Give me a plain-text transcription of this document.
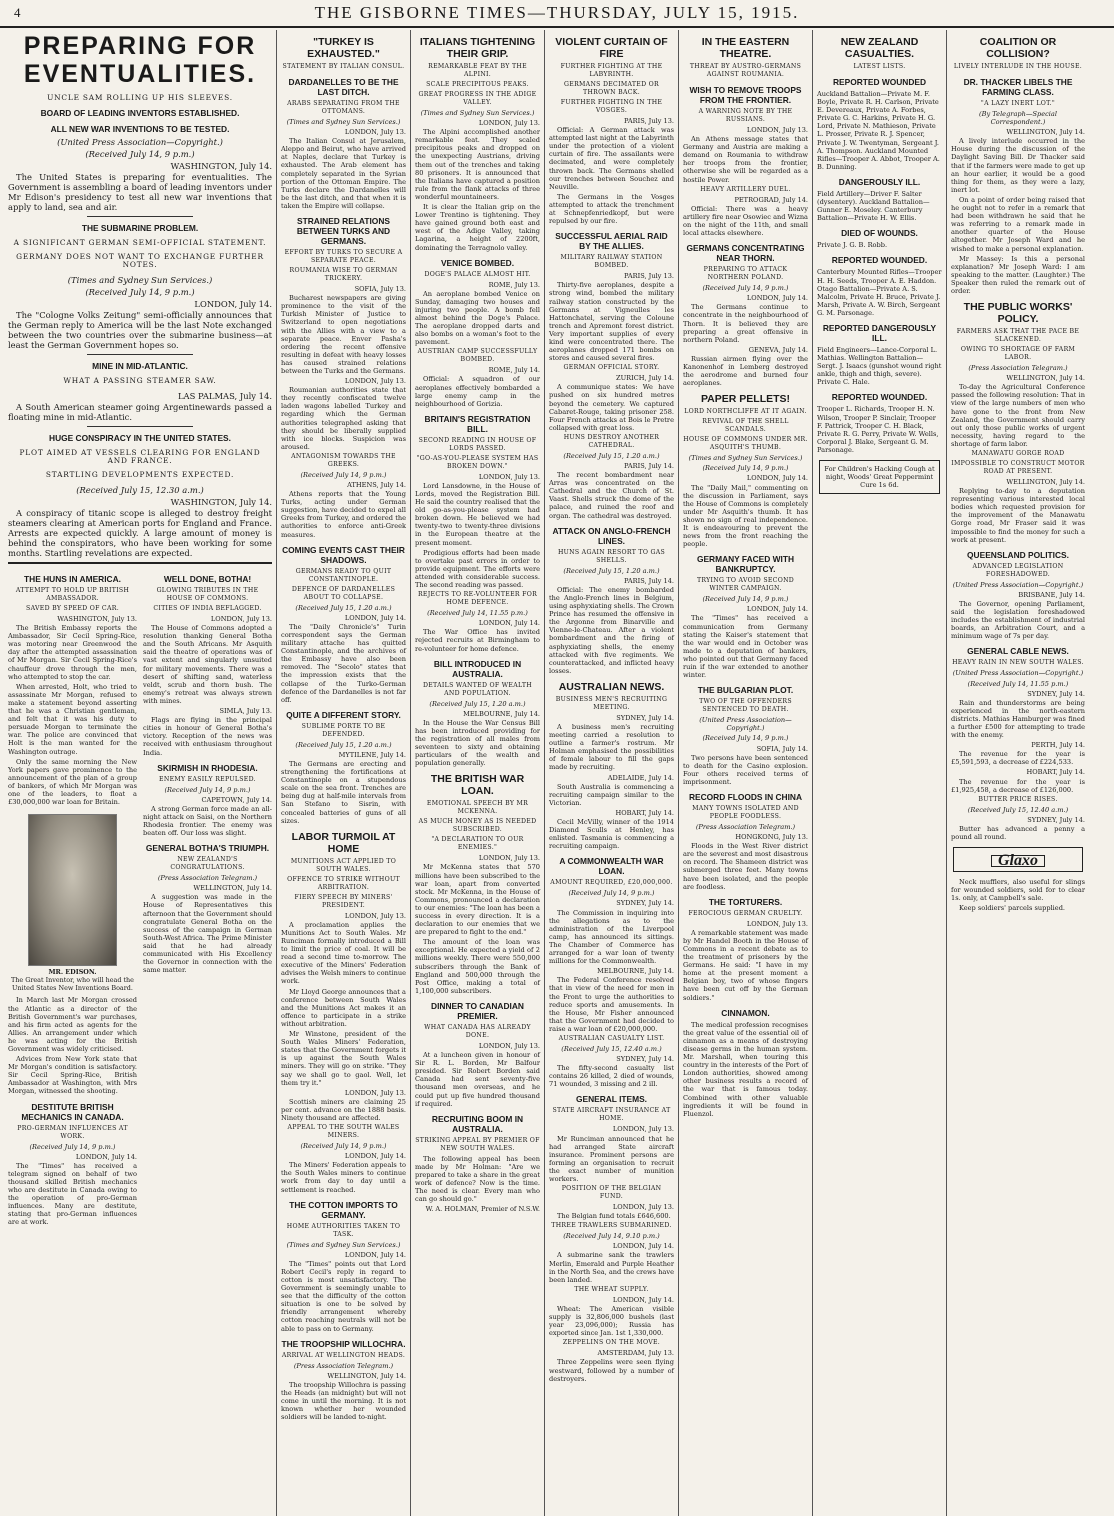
4	THE GISBORNE TIMES—THURSDAY, JULY 15, 1915.
PREPARING FOR EVENTUALITIES.
UNCLE SAM ROLLING UP HIS SLEEVES.
BOARD OF LEADING INVENTORS ESTABLISHED.
ALL NEW WAR INVENTIONS TO BE TESTED.
(United Press Association—Copyright.)
(Received July 14, 9 p.m.)
WASHINGTON, July 14.

The United States is preparing for eventualities. The Government is assembling a board of leading inventors under Mr Edison's presidency to test all new war inventions that apply to land, sea and air.

THE SUBMARINE PROBLEM.
A SIGNIFICANT GERMAN SEMI-OFFICIAL STATEMENT.
GERMANY DOES NOT WANT TO EXCHANGE FURTHER NOTES.
(Times and Sydney Sun Services.)
(Received July 14, 9 p.m.)
LONDON, July 14.

The "Cologne Volks Zeitung" semi-officially announces that the German reply to America will be the last Note exchanged between the two countries over the submarine business—at least the German Government hopes so.

MINE IN MID-ATLANTIC.
WHAT A PASSING STEAMER SAW.
LAS PALMAS, July 14.

A South American steamer going Argentinewards passed a floating mine in mid-Atlantic.

HUGE CONSPIRACY IN THE UNITED STATES.
PLOT AIMED AT VESSELS CLEARING FOR ENGLAND AND FRANCE.
STARTLING DEVELOPMENTS EXPECTED.
(Received July 15, 12.30 a.m.)
WASHINGTON, July 14.

A conspiracy of titanic scope is alleged to destroy freight steamers clearing at American ports for England and France. Arrests are expected quickly. A large amount of money is behind the conspirators, who have been working for some months. Startling revelations are expected.

THE HUNS IN AMERICA.
ATTEMPT TO HOLD UP BRITISH AMBASSADOR.
SAVED BY SPEED OF CAR.
WASHINGTON, July 13.

The British Embassy reports the Ambassador, Sir Cecil Spring-Rice, was motoring near Greenwood the day after the attempted assassination of Mr Morgan. Sir Cecil Spring-Rice's chauffeur drove through the men, who attempted to stop the car.

When arrested, Holt, who tried to assassinate Mr Morgan, refused to make a statement beyond asserting that he was a Christian gentleman, and felt that it was his duty to persuade Morgan to terminate the war. The police are convinced that Holt is the man wanted for the Washington outrage.

Only the same morning the New York papers gave prominence to the announcement of the plan of a group of bankers, of which Mr Morgan was one of the leaders, to float a £30,000,000 war loan for Britain.

MR. EDISON.
The Great Inventor, who will head the United States New Inventions Board.

In March last Mr Morgan crossed the Atlantic as a director of the British Government's war purchases, and his firm acted as agents for the Allies. An arrangement under which he was acting for the British Government was widely criticised.

Advices from New York state that Mr Morgan's condition is satisfactory. Sir Cecil Spring-Rice, British Ambassador at Washington, with Mrs Morgan, witnessed the shooting.

DESTITUTE BRITISH MECHANICS IN CANADA.
PRO-GERMAN INFLUENCES AT WORK.
(Received July 14, 9 p.m.)
LONDON, July 14.

The "Times" has received a telegram signed on behalf of two thousand skilled British mechanics who are destitute in Canada owing to the operation of pro-German influences. Many are destitute, stating that pro-German influences are at work.

WELL DONE, BOTHA!
GLOWING TRIBUTES IN THE HOUSE OF COMMONS.
CITIES OF INDIA BEFLAGGED.
LONDON, July 13.

The House of Commons adopted a resolution thanking General Botha and the South Africans. Mr Asquith said the theatre of operations was of vast extent and singularly unsuited for military movements. There was a desert of shifting sand, waterless veldt, scrub and thorn bush. The enemy's retreat was always strewn with mines.

SIMLA, July 13.

Flags are flying in the principal cities in honour of General Botha's victory. Reception of the news was received with enthusiasm throughout India.

SKIRMISH IN RHODESIA.
ENEMY EASILY REPULSED.
(Received July 14, 9 p.m.)
CAPETOWN, July 14.

A strong German force made an all-night attack on Saisi, on the Northern Rhodesia frontier. The enemy was beaten off. Our loss was slight.

GENERAL BOTHA'S TRIUMPH.
NEW ZEALAND'S CONGRATULATIONS.
(Press Association Telegram.)
WELLINGTON, July 14.

A suggestion was made in the House of Representatives this afternoon that the Government should congratulate General Botha on the success of the campaign in German South-West Africa. The Prime Minister said that he had already communicated with His Excellency the Governor in connection with the same matter.

"TURKEY IS EXHAUSTED."
STATEMENT BY ITALIAN CONSUL.
DARDANELLES TO BE THE LAST DITCH.
ARABS SEPARATING FROM THE OTTOMANS.
(Times and Sydney Sun Services.)
LONDON, July 13.

The Italian Consul at Jerusalem, Aleppo and Beirut, who have arrived at Naples, declare that Turkey is exhausted. The Arab element has completely separated in the Syrian portion of the Ottoman Empire. The Turks declare the Dardanelles will be the last ditch, and that when it is taken the Empire will collapse.

STRAINED RELATIONS BETWEEN TURKS AND GERMANS.
EFFORT BY TURKS TO SECURE A SEPARATE PEACE.
ROUMANIA WISE TO GERMAN TRICKERY.
SOFIA, July 13.

Bucharest newspapers are giving prominence to the visit of the Turkish Minister of Justice to Switzerland to open negotiations with the Allies with a view to a separate peace. Enver Pasha's ordering the recent offensive resulting in defeat with heavy losses has caused strained relations between the Turks and the Germans.

LONDON, July 13.

Roumanian authorities state that they recently confiscated twelve laden wagons labelled Turkey and regarding which the German authorities telegraphed asking that they should be liberally supplied with ice blocks. Suspicion was aroused.

ANTAGONISM TOWARDS THE GREEKS.
(Received July 14, 9 p.m.)
ATHENS, July 14.

Athens reports that the Young Turks, acting under German suggestion, have decided to expel all Greeks from Turkey, and ordered the authorities to enforce anti-Greek measures.

COMING EVENTS CAST THEIR SHADOWS.
GERMANS READY TO QUIT CONSTANTINOPLE.
DEFENCE OF DARDANELLES ABOUT TO COLLAPSE.
(Received July 15, 1.20 a.m.)
LONDON, July 14.

The "Daily Chronicle's" Turin correspondent says the German military attache has quitted Constantinople, and the archives of the Embassy have also been removed. The "Secolo" states that the impression exists that the collapse of the Turko-German defence of the Dardanelles is not far off.

QUITE A DIFFERENT STORY.
SUBLIME PORTE TO BE DEFENDED.
(Received July 15, 1.20 a.m.)
MYTILENE, July 14.

The Germans are erecting and strengthening the fortifications at Constantinople on a stupendous scale on the sea front. Trenches are being dug at half-mile intervals from San Stefano to Sisrin, with concealed batteries of guns of all sizes.

LABOR TURMOIL AT HOME
MUNITIONS ACT APPLIED TO SOUTH WALES.
OFFENCE TO STRIKE WITHOUT ARBITRATION.
FIERY SPEECH BY MINERS' PRESIDENT.
LONDON, July 13.

A proclamation applies the Munitions Act to South Wales. Mr Runciman formally introduced a Bill to limit the price of coal. It will be read a second time to-morrow. The executive of the Miners' Federation advises the Welsh miners to continue work.

Mr Lloyd George announces that a conference between South Wales and the Munitions Act makes it an offence to participate in a strike without arbitration.

Mr Winstone, president of the South Wales Miners' Federation, states that the Government forgets it is up against the South Wales miners. They will go on strike. "They say we shall go to gaol. Well, let them try it."

LONDON, July 13.

Scottish miners are claiming 25 per cent. advance on the 1888 basis. Ninety thousand are affected.

APPEAL TO THE SOUTH WALES MINERS.
(Received July 14, 9 p.m.)
LONDON, July 14.

The Miners' Federation appeals to the South Wales miners to continue work from day to day until a settlement is reached.

THE COTTON IMPORTS TO GERMANY.
HOME AUTHORITIES TAKEN TO TASK.
(Times and Sydney Sun Services.)
LONDON, July 14.

The "Times" points out that Lord Robert Cecil's reply in regard to cotton is most unsatisfactory. The Government is seemingly unable to see that the difficulty of the cotton situation is one to be solved by friendly arrangement whereby cotton reaching neutrals will not be able to pass on to Germany.

THE TROOPSHIP WILLOCHRA.
ARRIVAL AT WELLINGTON HEADS.
(Press Association Telegram.)
WELLINGTON, July 14.

The troopship Willochra is passing the Heads (an midnight) but will not come in until the morning. It is not known whether her wounded soldiers will be landed to-night.

ITALIANS TIGHTENING THEIR GRIP.
REMARKABLE FEAT BY THE ALPINI.
SCALE PRECIPITOUS PEAKS.
GREAT PROGRESS IN THE ADIGE VALLEY.
(Times and Sydney Sun Services.)
LONDON, July 13.

The Alpini accomplished another remarkable feat. They scaled precipitous peaks and dropped on the unexpecting Austrians, driving them out of the trenches and taking 80 prisoners. It is announced that the Italians have captured a position rule from the flank attacks of three wonderful mountaineers.

It is clear the Italian grip on the Lower Trentino is tightening. They have gained ground both east and west of the Adige Valley, taking Lagarina, a height of 2200ft, dominating the Terragnolo valley.

VENICE BOMBED.
DOGE'S PALACE ALMOST HIT.
ROME, July 13.

An aeroplane bombed Venice on Sunday, damaging two houses and injuring two people. A bomb fell almost behind the Doge's Palace. The aeroplane dropped darts and also bombs on a woman's foot to the pavement.

AUSTRIAN CAMP SUCCESSFULLY BOMBED.
ROME, July 14.

Official: A squadron of our aeroplanes effectively bombarded a large enemy camp in the neighbourhood of Gorizia.

BRITAIN'S REGISTRATION BILL.
SECOND READING IN HOUSE OF LORDS PASSED.
"GO-AS-YOU-PLEASE SYSTEM HAS BROKEN DOWN."
LONDON, July 13.

Lord Lansdowne, in the House of Lords, moved the Registration Bill. He said the country realised that the old go-as-you-please system had broken down. He believed we had twenty-two to twenty-three divisions in the European theatre at the present moment.

Prodigious efforts had been made to overtake past errors in order to provide equipment. The efforts were attended with considerable success. The second reading was passed.

REJECTS TO RE-VOLUNTEER FOR HOME DEFENCE.
(Received July 14, 11.55 p.m.)
LONDON, July 14.

The War Office has invited rejected recruits at Birmingham to re-volunteer for home defence.

BILL INTRODUCED IN AUSTRALIA.
DETAILS WANTED OF WEALTH AND POPULATION.
(Received July 15, 1.20 a.m.)
MELBOURNE, July 14.

In the House the War Census Bill has been introduced providing for the registration of all males from seventeen to sixty and obtaining particulars of the wealth and population generally.

THE BRITISH WAR LOAN.
EMOTIONAL SPEECH BY MR MCKENNA.
AS MUCH MONEY AS IS NEEDED SUBSCRIBED.
"A DECLARATION TO OUR ENEMIES."
LONDON, July 13.

Mr McKenna states that 570 millions have been subscribed to the war loan, apart from converted stock. Mr McKenna, in the House of Commons, pronounced a declaration to our enemies: "The loan has been a success in every direction. It is a declaration to our enemies that we are prepared to fight to the end."

The amount of the loan was exceptional. He expected a yield of 2 millions weekly. There were 550,000 subscribers through the Bank of England and 500,000 through the Post Office, making a total of 1,100,000 subscribers.

DINNER TO CANADIAN PREMIER.
WHAT CANADA HAS ALREADY DONE.
LONDON, July 13.

At a luncheon given in honour of Sir R. L. Borden, Mr Balfour presided. Sir Robert Borden said Canada had sent seventy-five thousand men overseas, and he could put up five hundred thousand if required.

RECRUITING BOOM IN AUSTRALIA.
STRIKING APPEAL BY PREMIER OF NEW SOUTH WALES.

The following appeal has been made by Mr Holman: "Are we prepared to take a share in the great work of defence? Now is the time. The need is clear. Every man who can go should go."

W. A. HOLMAN, Premier of N.S.W.
VIOLENT CURTAIN OF FIRE
FURTHER FIGHTING AT THE LABYRINTH.
GERMANS DECIMATED OR THROWN BACK.
FURTHER FIGHTING IN THE VOSGES.
PARIS, July 13.

Official: A German attack was attempted last night at the Labyrinth under the protection of a violent curtain of fire. The assailants were decimated, and were completely thrown back. The Germans shelled our trenches between Souchez and Neuville.

The Germans in the Vosges attempted to attack the trenchment at Schnepfenriedkopf, but were repulsed by our fire.

SUCCESSFUL AERIAL RAID BY THE ALLIES.
MILITARY RAILWAY STATION BOMBED.
PARIS, July 13.

Thirty-five aeroplanes, despite a strong wind, bombed the military railway station constructed by the Germans at Vigneulles les Hattonchatel, serving the Coloune trench and Apremont forest district. Very important supplies of every kind were concentrated there. The aeroplanes dropped 171 bombs on stores and caused several fires.

GERMAN OFFICIAL STORY.
ZURICH, July 14.

A communique states: We have pushed on six hundred metres beyond the cemetery. We captured Cabaret-Rouge, taking prisoner 258. Four French attacks at Bois le Pretre collapsed with great loss.

HUNS DESTROY ANOTHER CATHEDRAL.
(Received July 15, 1.20 a.m.)
PARIS, July 14.

The recent bombardment near Arras was concentrated on the Cathedral and the Church of St. Vaast. Shells struck the dome of the palace, and ruined the roof and organ. The cathedral was destroyed.

ATTACK ON ANGLO-FRENCH LINES.
HUNS AGAIN RESORT TO GAS SHELLS.
(Received July 15, 1.20 a.m.)
PARIS, July 14.

Official: The enemy bombarded the Anglo-French lines in Belgium, using asphyxiating shells. The Crown Prince has resumed the offensive in the Argonne from Binarville and Vienne-le-Chateau. After a violent bombardment and the firing of asphyxiating shells, the enemy attacked with five regiments. We counterattacked, and inflicted heavy losses.

AUSTRALIAN NEWS.
BUSINESS MEN'S RECRUITING MEETING.
SYDNEY, July 14.

A business men's recruiting meeting carried a resolution to outline a farmer's rostrum. Mr Holman emphasised the possibilities of female labour to fill the gaps made by recruiting.

ADELAIDE, July 14.

South Australia is commencing a recruiting campaign similar to the Victorian.

HOBART, July 14.

Cecil McVilly, winner of the 1914 Diamond Sculls at Henley, has enlisted. Tasmania is commencing a recruiting campaign.

A COMMONWEALTH WAR LOAN.
AMOUNT REQUIRED, £20,000,000.
(Received July 14, 9 p.m.)
SYDNEY, July 14.

The Commission in inquiring into the allegations as to the administration of the Liverpool camp, has announced its sittings. The Chamber of Commerce has arranged for a war loan of twenty millions for the Commonwealth.

MELBOURNE, July 14.

The Federal Conference resolved that in view of the need for men in the Front to urge the authorities to reduce sports and amusements. In the House, Mr Fisher announced that the Government had decided to raise a war loan of £20,000,000.

AUSTRALIAN CASUALTY LIST.
(Received July 15, 12.40 a.m.)
SYDNEY, July 14.

The fifty-second casualty list contains 26 killed, 2 died of wounds, 71 wounded, 3 missing and 2 ill.

GENERAL ITEMS.
STATE AIRCRAFT INSURANCE AT HOME.
LONDON, July 13.

Mr Runciman announced that he had arranged State aircraft insurance. Prominent persons are forming an organisation to recruit the exact number of munition workers.

POSITION OF THE BELGIAN FUND.
LONDON, July 13.

The Belgian fund totals £646,600.

THREE TRAWLERS SUBMARINED.
(Received July 14, 9.10 p.m.)
LONDON, July 14.

A submarine sank the trawlers Merlin, Emerald and Purple Heather in the North Sea, and the crews have been landed.

THE WHEAT SUPPLY.
LONDON, July 14.

Wheat: The American visible supply is 32,806,000 bushels (last year 23,096,000); Russia has exported since Jan. 1st 1,330,000.

ZEPPELINS ON THE MOVE.
AMSTERDAM, July 13.

Three Zeppelins were seen flying westward, followed by a number of destroyers.

IN THE EASTERN THEATRE.
THREAT BY AUSTRO-GERMANS AGAINST ROUMANIA.
WISH TO REMOVE TROOPS FROM THE FRONTIER.
A WARNING NOTE BY THE RUSSIANS.
LONDON, July 13.

An Athens message states that Germany and Austria are making a demand on Roumania to withdraw her troops from the frontier, otherwise she will be regarded as a hostile Power.

HEAVY ARTILLERY DUEL.
PETROGRAD, July 14.

Official: There was a heavy artillery fire near Osowiec and Wizna on the night of the 11th, and small local attacks elsewhere.

GERMANS CONCENTRATING NEAR THORN.
PREPARING TO ATTACK NORTHERN POLAND.
(Received July 14, 9 p.m.)
LONDON, July 14.

The Germans continue to concentrate in the neighbourhood of Thorn. It is believed they are preparing a great offensive in northern Poland.

GENEVA, July 14.

Russian airmen flying over the Kanonenhof in Lemberg destroyed the aerodrome and burned four aeroplanes.

PAPER PELLETS!
LORD NORTHCLIFFE AT IT AGAIN.
REVIVAL OF THE SHELL SCANDALS.
HOUSE OF COMMONS UNDER MR. ASQUITH'S THUMB.
(Times and Sydney Sun Services.)
(Received July 14, 9 p.m.)
LONDON, July 14.

The "Daily Mail," commenting on the discussion in Parliament, says the House of Commons is completely under Mr Asquith's thumb. It has shown no sign of real independence. It is endeavouring to prevent the news from the front reaching the people.

GERMANY FACED WITH BANKRUPTCY.
TRYING TO AVOID SECOND WINTER CAMPAIGN.
(Received July 14, 9 p.m.)
LONDON, July 14.

The "Times" has received a communication from Germany stating the Kaiser's statement that the war would end in October was made to a deputation of bankers, who pointed out that Germany faced ruin if the war extended to another winter.

THE BULGARIAN PLOT.
TWO OF THE OFFENDERS SENTENCED TO DEATH.
(United Press Association—Copyright.)
(Received July 14, 9 p.m.)
SOFIA, July 14.

Two persons have been sentenced to death for the Casino explosion. Four others received terms of imprisonment.

RECORD FLOODS IN CHINA
MANY TOWNS ISOLATED AND PEOPLE FOODLESS.
(Press Association Telegram.)
HONGKONG, July 13.

Floods in the West River district are the severest and most disastrous on record. The Shameen district was submerged three feet. Many towns have been isolated, and the people are foodless.

THE TORTURERS.
FEROCIOUS GERMAN CRUELTY.
LONDON, July 13.

A remarkable statement was made by Mr Handel Booth in the House of Commons in a recent debate as to the treatment of prisoners by the Germans. He said: "I have in my home at the present moment a Belgian boy, two of whose fingers have been cut off by the German soldiers."

CINNAMON.

The medical profession recognises the great value of the essential oil of cinnamon as a means of destroying disease germs in the human system. Mr. Marshall, when touring this country in the interests of the Port of London authorities, showed among other business results a record of the war that is famous today. Combined with other valuable ingredients it will be found in Fluenzol.

NEW ZEALAND CASUALTIES.
LATEST LISTS.
REPORTED WOUNDED

Auckland Battalion—Private M. F. Boyle, Private R. H. Carlson, Private E. Devereaux, Private A. Forbes, Private G. C. Harkins, Private H. G. Lord, Private N. Mathieson, Private L. Prosser, Private R. J. Spencer, Private J. W. Twentyman, Sergeant J. A. Thompson. Auckland Mounted Rifles—Trooper A. Abbot, Trooper A. B. Dunning.

DANGEROUSLY ILL.

Field Artillery—Driver F. Salter (dysentery). Auckland Battalion—Gunner E. Moseley. Canterbury Battalion—Private H. W. Ellis.

DIED OF WOUNDS.

Private J. G. B. Robb.

REPORTED WOUNDED.

Canterbury Mounted Rifles—Trooper H. H. Seeds, Trooper A. E. Haddon. Otago Battalion—Private A. S. Malcolm, Private H. Bruce, Private J. Marsh, Private A. W. Birch, Sergeant G. M. Parsonage.

REPORTED DANGEROUSLY ILL.

Field Engineers—Lance-Corporal L. Mathias. Wellington Battalion—Sergt. J. Isaacs (gunshot wound right ankle, thigh and thigh, severe). Private C. Hale.

REPORTED WOUNDED.

Trooper L. Richards, Trooper H. N. Wilson, Trooper P. Sinclair, Trooper F. Pattrick, Trooper C. H. Black, Private R. G. Perry, Private W. Wells, Corporal J. Blake, Sergeant G. M. Parsonage.

For Children's Hacking Cough at night, Woods' Great Peppermint Cure 1s 6d.
COALITION OR COLLISION?
LIVELY INTERLUDE IN THE HOUSE.
DR. THACKER LIBELS THE FARMING CLASS.
"A LAZY INERT LOT."
(By Telegraph—Special Correspondent.)
WELLINGTON, July 14.

A lively interlude occurred in the House during the discussion of the Daylight Saving Bill. Dr Thacker said that if the farmers were made to get up an hour earlier, it would be a good thing for them, as they were a lazy, inert lot.

On a point of order being raised that he ought not to refer in a remark that had been withdrawn he said that he was referring to a remark made in another quarter of the House altogether. Mr Joseph Ward and he wished to make a personal explanation.

Mr Massey: Is this a personal explanation? Mr Joseph Ward: I am speaking to the matter. (Laughter.) The Speaker then ruled the remark out of order.

THE PUBLIC WORKS' POLICY.
FARMERS ASK THAT THE PACE BE SLACKENED.
OWING TO SHORTAGE OF FARM LABOR.
(Press Association Telegram.)
WELLINGTON, July 14.

To-day the Agricultural Conference passed the following resolution: That in view of the large numbers of men who have gone to the front from New Zealand, the Government should carry out only those public works of urgent necessity, having regard to the shortage of farm labor.

MANAWATU GORGE ROAD
IMPOSSIBLE TO CONSTRUCT MOTOR ROAD AT PRESENT.
WELLINGTON, July 14.

Replying to-day to a deputation representing various interested local bodies which requested provision for the improvement of the Manawatu Gorge road, Mr Fraser said it was impossible to find the money for such a work at present.

QUEENSLAND POLITICS.
ADVANCED LEGISLATION FORESHADOWED.
(United Press Association—Copyright.)
BRISBANE, July 14.

The Governor, opening Parliament, said the legislation foreshadowed includes the establishment of industrial boards, an Arbitration Court, and a minimum wage of 7s per day.

GENERAL CABLE NEWS.
HEAVY RAIN IN NEW SOUTH WALES.
(United Press Association—Copyright.)
(Received July 14, 11.55 p.m.)
SYDNEY, July 14.

Rain and thunderstorms are being experienced in the north-eastern districts. Mathias Hamburger was fined a further £500 for attempting to trade with the enemy.

PERTH, July 14.

The revenue for the year is £5,591,593, a decrease of £224,533.

HOBART, July 14.

The revenue for the year is £1,925,458, a decrease of £126,000.

BUTTER PRICE RISES.
(Received July 15, 12.40 a.m.)
SYDNEY, July 14.

Butter has advanced a penny a pound all round.

Glaxo

Neck mufflers, also useful for slings for wounded soldiers, sold for to clear 1s. only, at Campbell's sale.

Keep soldiers' parcels supplied.
